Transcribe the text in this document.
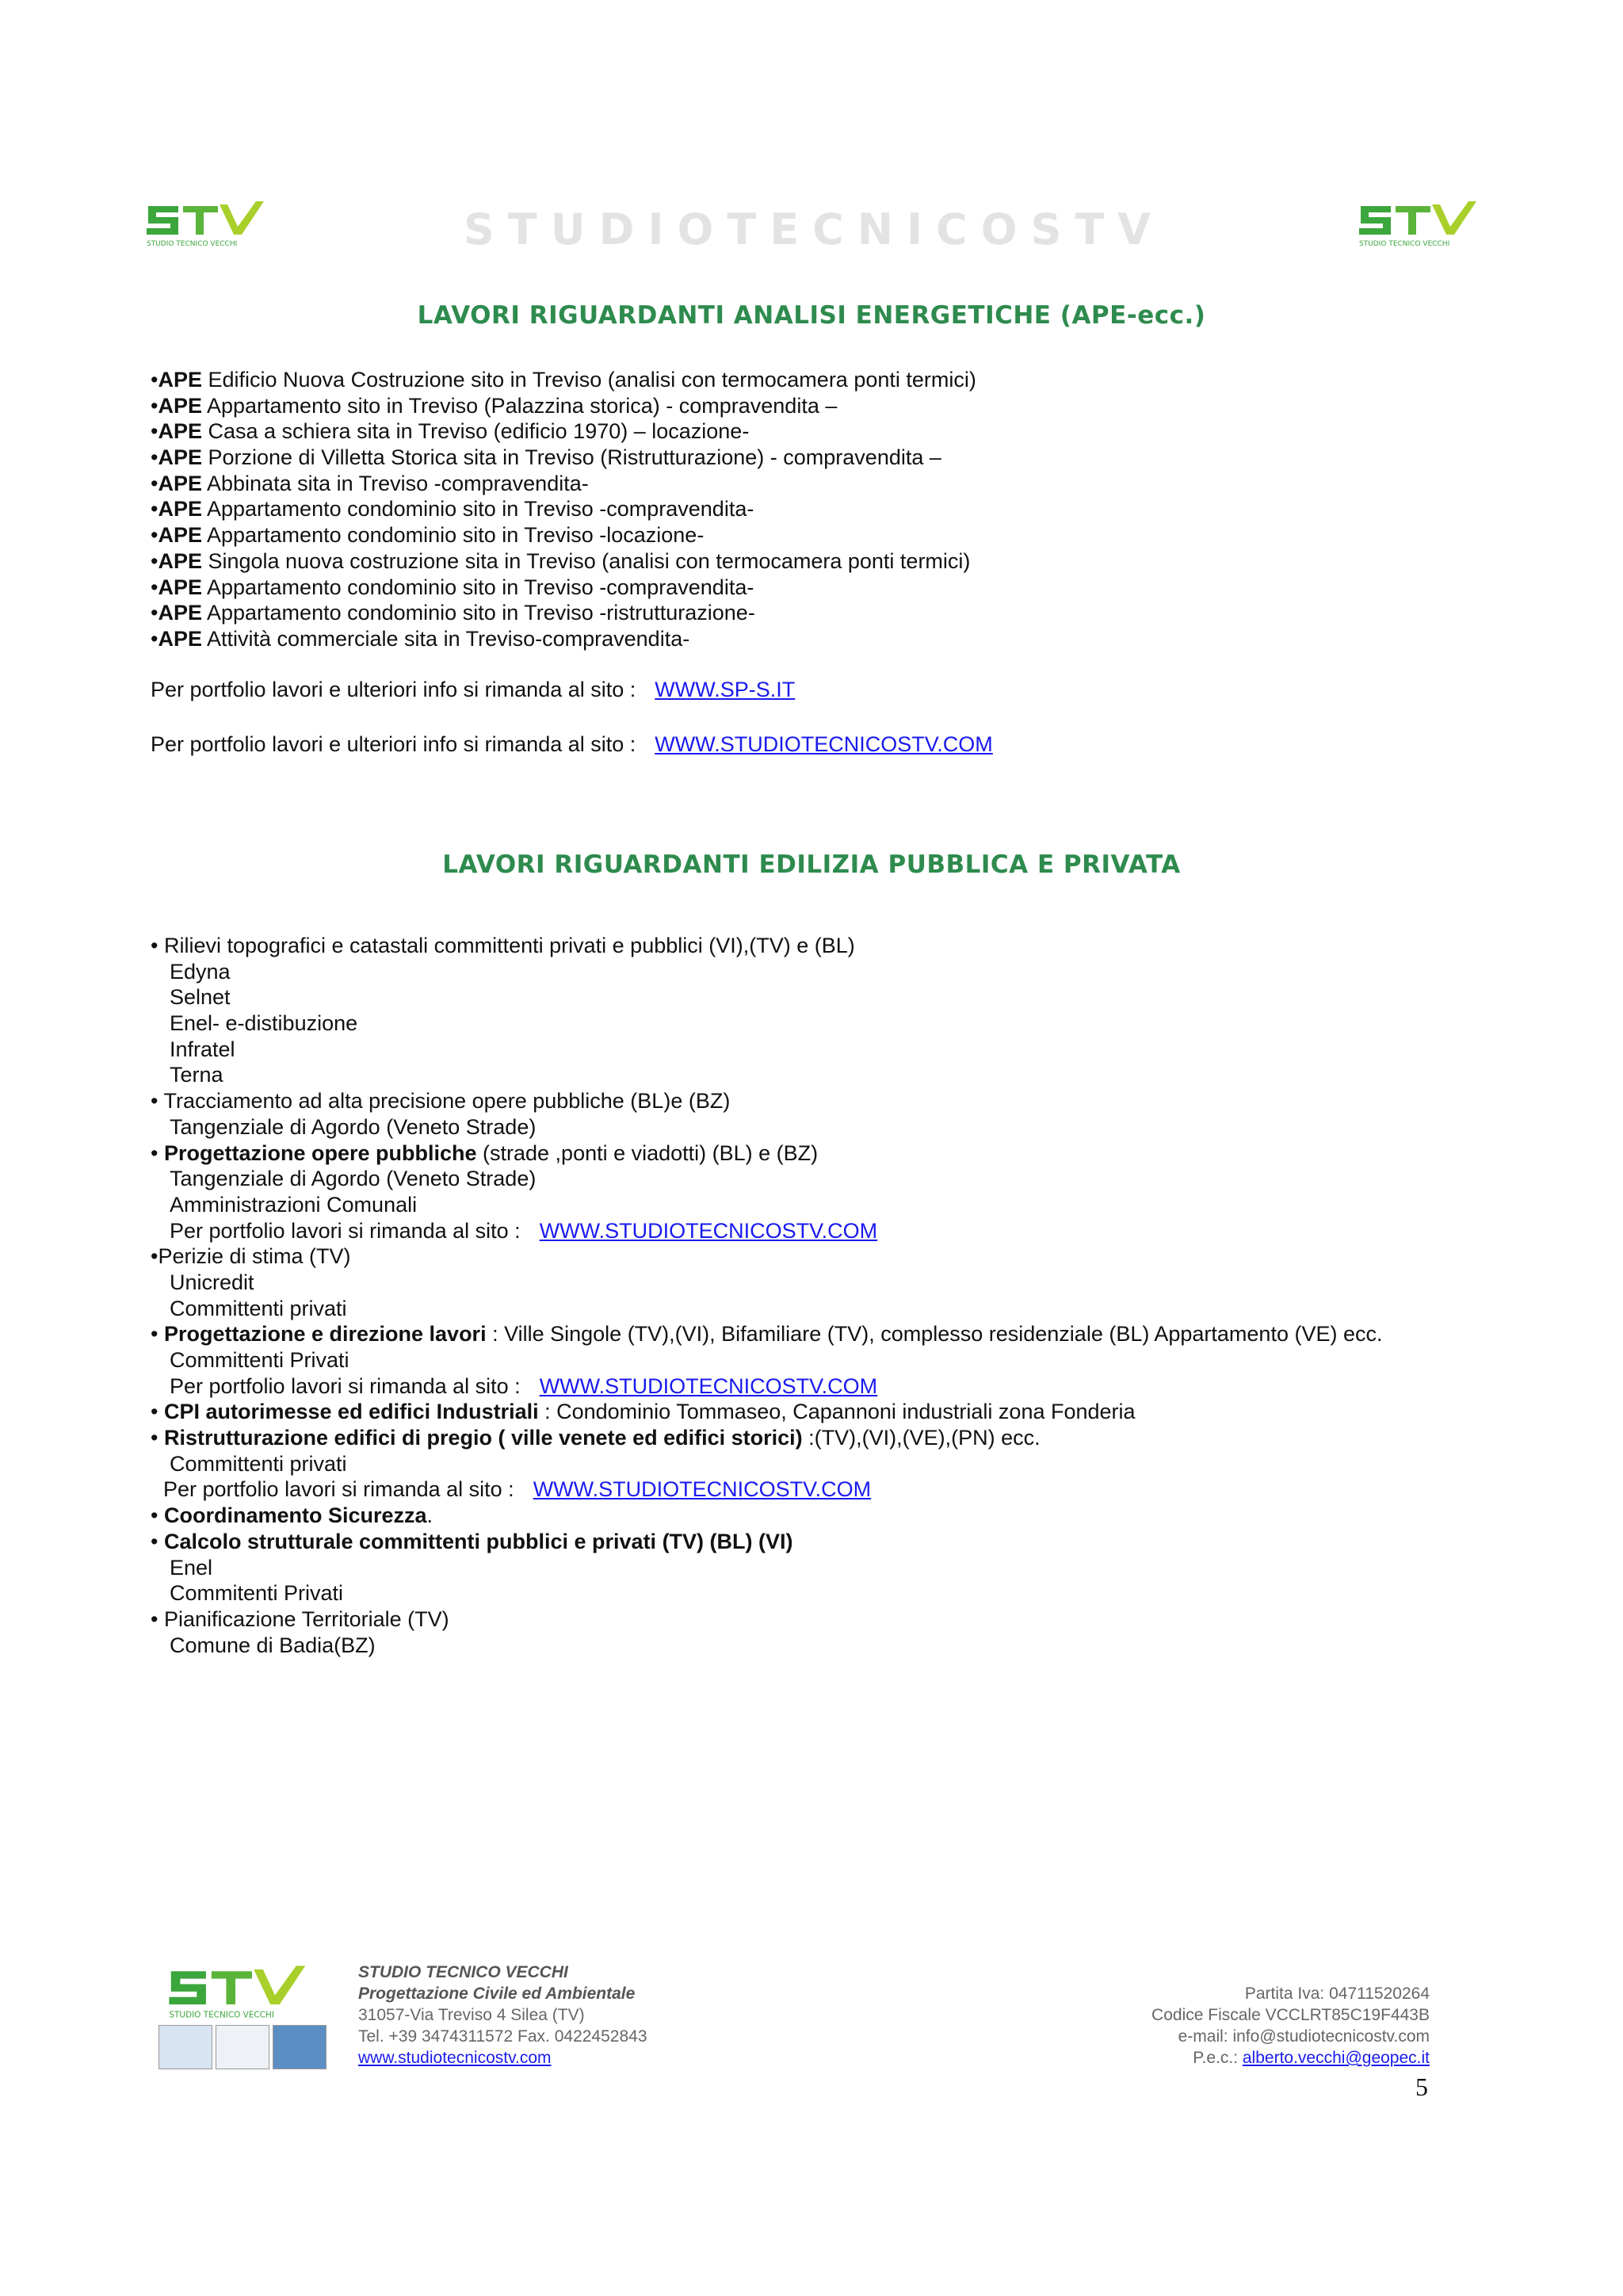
STUDIO TECNICO VECCHI	STUDIOTECNICOSTV	STUDIO TECNICO VECCHI
LAVORI RIGUARDANTI ANALISI ENERGETICHE (APE-ecc.)
•APE Edificio Nuova Costruzione sito in Treviso (analisi con termocamera ponti termici)
•APE Appartamento sito in Treviso (Palazzina storica) - compravendita –
•APE Casa a schiera sita in Treviso (edificio 1970) – locazione-
•APE Porzione di Villetta Storica sita in Treviso (Ristrutturazione) - compravendita –
•APE Abbinata sita in Treviso -compravendita-
•APE Appartamento condominio sito in Treviso -compravendita-
•APE Appartamento condominio sito in Treviso -locazione-
•APE Singola nuova costruzione sita in Treviso (analisi con termocamera ponti termici)
•APE Appartamento condominio sito in Treviso -compravendita-
•APE Appartamento condominio sito in Treviso -ristrutturazione-
•APE Attività commerciale sita in Treviso-compravendita-
Per portfolio lavori e ulteriori info si rimanda al sito : WWW.SP-S.IT
Per portfolio lavori e ulteriori info si rimanda al sito : WWW.STUDIOTECNICOSTV.COM
LAVORI RIGUARDANTI EDILIZIA PUBBLICA E PRIVATA
• Rilievi topografici e catastali committenti privati e pubblici (VI),(TV) e (BL)
Edyna
Selnet
Enel- e-distibuzione
Infratel
Terna
• Tracciamento ad alta precisione opere pubbliche (BL)e (BZ)
Tangenziale di Agordo (Veneto Strade)
• Progettazione opere pubbliche (strade ,ponti e viadotti) (BL) e (BZ)
Tangenziale di Agordo (Veneto Strade)
Amministrazioni Comunali
Per portfolio lavori si rimanda al sito : WWW.STUDIOTECNICOSTV.COM
•Perizie di stima (TV)
Unicredit
Committenti privati
• Progettazione e direzione lavori : Ville Singole (TV),(VI), Bifamiliare (TV), complesso residenziale (BL) Appartamento (VE) ecc.
Committenti Privati
Per portfolio lavori si rimanda al sito : WWW.STUDIOTECNICOSTV.COM
• CPI autorimesse ed edifici Industriali : Condominio Tommaseo, Capannoni industriali zona Fonderia
• Ristrutturazione edifici di pregio ( ville venete ed edifici storici) :(TV),(VI),(VE),(PN) ecc.
Committenti privati
Per portfolio lavori si rimanda al sito : WWW.STUDIOTECNICOSTV.COM
• Coordinamento Sicurezza.
• Calcolo strutturale committenti pubblici e privati (TV) (BL) (VI)
Enel
Commitenti Privati
• Pianificazione Territoriale (TV)
Comune di Badia(BZ)
STUDIO TECNICO VECCHI
STUDIO TECNICO VECCHI
Progettazione Civile ed Ambientale
31057-Via Treviso 4 Silea (TV)
Tel. +39 3474311572 Fax. 0422452843
www.studiotecnicostv.com
Partita Iva: 04711520264
Codice Fiscale VCCLRT85C19F443B
e-mail: info@studiotecnicostv.com
P.e.c.: alberto.vecchi@geopec.it
5
